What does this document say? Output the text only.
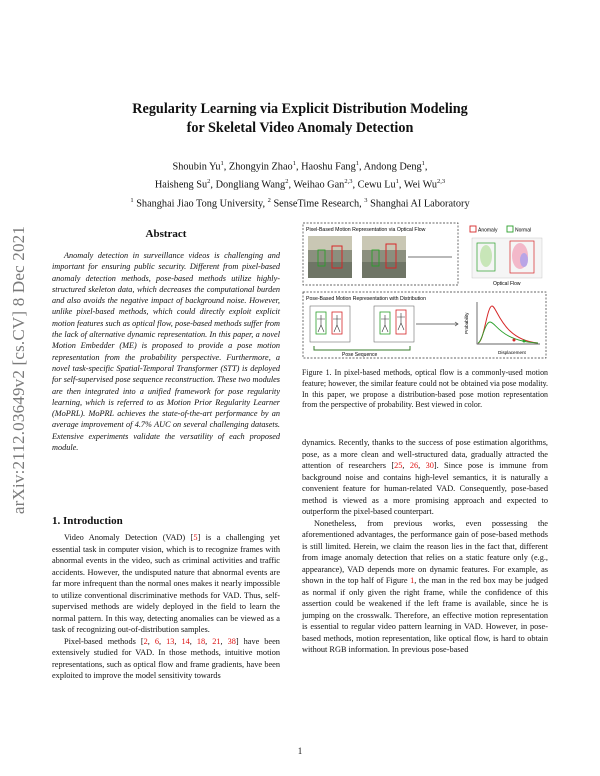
arXiv:2112.03649v2 [cs.CV] 8 Dec 2021
Regularity Learning via Explicit Distribution Modeling
for Skeletal Video Anomaly Detection
Shoubin Yu$^1$, Zhongyin Zhao$^1$, Haoshu Fang$^1$, Andong Deng$^1$,
Haisheng Su$^2$, Dongliang Wang$^2$, Weihao Gan$^{2,3}$, Cewu Lu$^1$, Wei Wu$^{2,3}$
$^1$ Shanghai Jiao Tong University, $^2$ SenseTime Research, $^3$ Shanghai AI Laboratory
Abstract

Anomaly detection in surveillance videos is challenging and important for ensuring public security. Different from pixel-based anomaly detection methods, pose-based methods utilize highly-structured skeleton data, which decreases the computational burden and also avoids the negative impact of background noise. However, unlike pixel-based methods, which could directly exploit explicit motion features such as optical flow, pose-based methods suffer from the lack of alternative dynamic representation. In this paper, a novel Motion Embedder (ME) is proposed to provide a pose motion representation from the probability perspective. Furthermore, a novel task-specific Spatial-Temporal Transformer (STT) is deployed for self-supervised pose sequence reconstruction. These two modules are then integrated into a unified framework for pose regularity learning, which is referred to as Motion Prior Regularity Learner (MoPRL). MoPRL achieves the state-of-the-art performance by an average improvement of 4.7% AUC on several challenging datasets. Extensive experiments validate the versatility of each proposed module.

1. Introduction

Video Anomaly Detection (VAD) [5] is a challenging yet essential task in computer vision, which is to recognize frames with abnormal events in the video, such as criminal activities and traffic accidents. However, the undisputed nature that abnormal events are far more infrequent than the normal ones makes it nearly impossible to utilize conventional discriminative methods for VAD. Thus, self-supervised methods are widely deployed in the field to learn the normal pattern. In this way, detecting anomalies can be viewed as a task of recognizing out-of-distribution samples.

Pixel-based methods [2, 6, 13, 14, 18, 21, 38] have been extensively studied for VAD. In those methods, intuitive motion representations, such as optical flow and frame gradients, have been exploited to improve the model sensitivity towards

Pixel-Based Motion Representation via Optical Flow	Anomaly	Normal
Optical Flow
Pose-Based Motion Representation with Distribution
Pose Sequence
Probability
Displacement
Figure 1. In pixel-based methods, optical flow is a commonly-used motion feature; however, the similar feature could not be obtained via pose modality. In this paper, we propose a distribution-based pose motion representation from the perspective of probability. Best viewed in color.

dynamics. Recently, thanks to the success of pose estimation algorithms, pose, as a more clean and well-structured data, gradually attracted the attention of researchers [25, 26, 30]. Since pose is immune from background noise and contains high-level semantics, it is naturally a convenient feature for human-related VAD. Consequently, pose-based method is viewed as a more promising approach and expected to outperform the pixel-based counterpart.

Nonetheless, from previous works, even possessing the aforementioned advantages, the performance gain of pose-based methods is still limited. Herein, we claim the reason lies in the fact that, different from image anomaly detection that relies on a static feature only (e.g., appearance), VAD depends more on dynamic features. For example, as shown in the top half of Figure 1, the man in the red box may be judged as normal if only given the right frame, while the confidence of this assertion could be weakened if the left frame is available, since he is jumping on the crosswalk. Therefore, an effective motion representation is essential to regular video pattern learning in VAD. However, in pose-based methods, motion representation, like optical flow, is hard to obtain without RGB information. In previous pose-based

1
